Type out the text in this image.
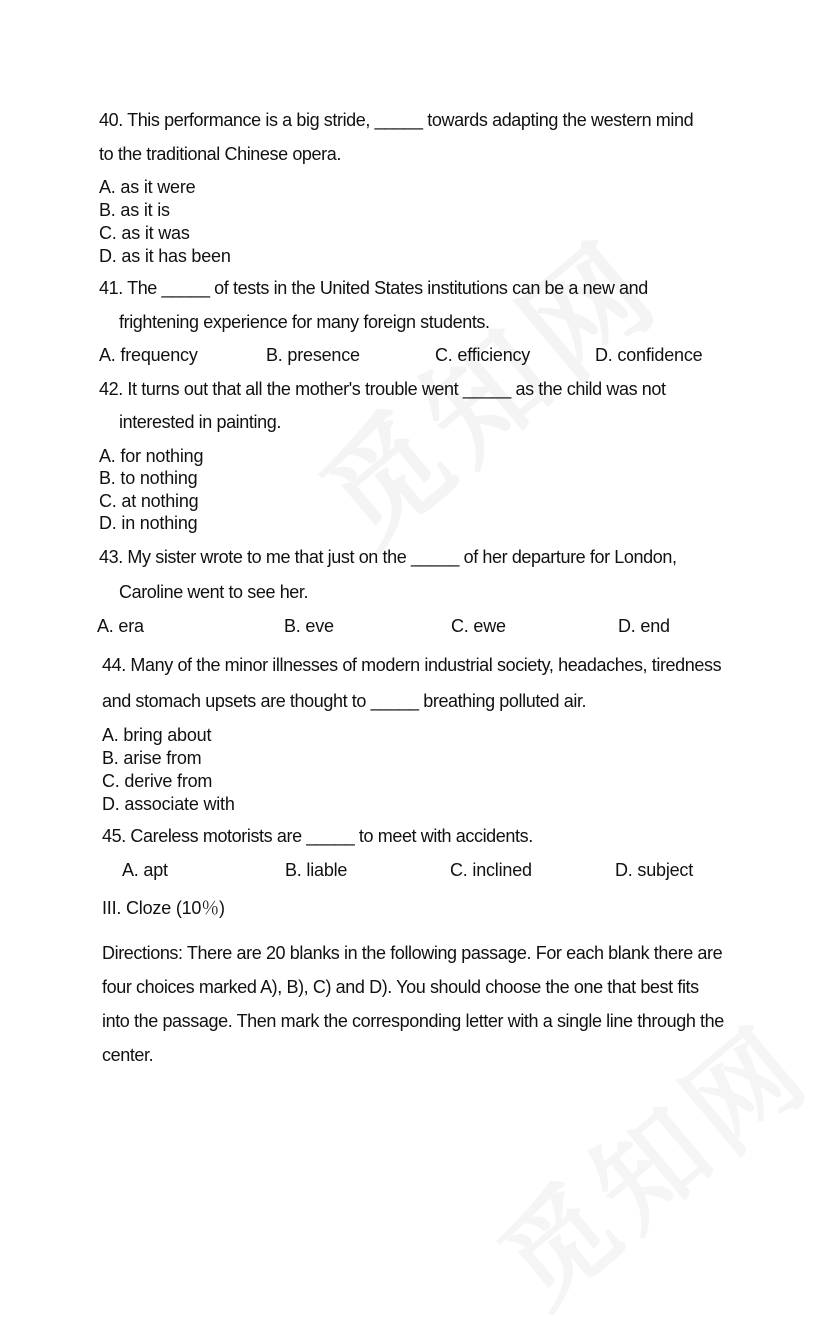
40. This performance is a big stride, _____ towards adapting the western mind
to the traditional Chinese opera.
A. as it were
B. as it is
C. as it was
D. as it has been
41. The _____ of tests in the United States institutions can be a new and
frightening experience for many foreign students.
A. frequency	B. presence	C. efficiency	D. confidence
42. It turns out that all the mother's trouble went _____ as the child was not
interested in painting.
A. for nothing
B. to nothing
C. at nothing
D. in nothing
43. My sister wrote to me that just on the _____ of her departure for London,
Caroline went to see her.
A. era	B. eve	C. ewe	D. end
44. Many of the minor illnesses of modern industrial society, headaches, tiredness
and stomach upsets are thought to _____ breathing polluted air.
A. bring about
B. arise from
C. derive from
D. associate with
45. Careless motorists are _____ to meet with accidents.
A. apt	B. liable	C. inclined	D. subject
III. Cloze (10％)
Directions: There are 20 blanks in the following passage. For each blank there are
four choices marked A), B), C) and D). You should choose the one that best fits
into the passage. Then mark the corresponding letter with a single line through the
center.
